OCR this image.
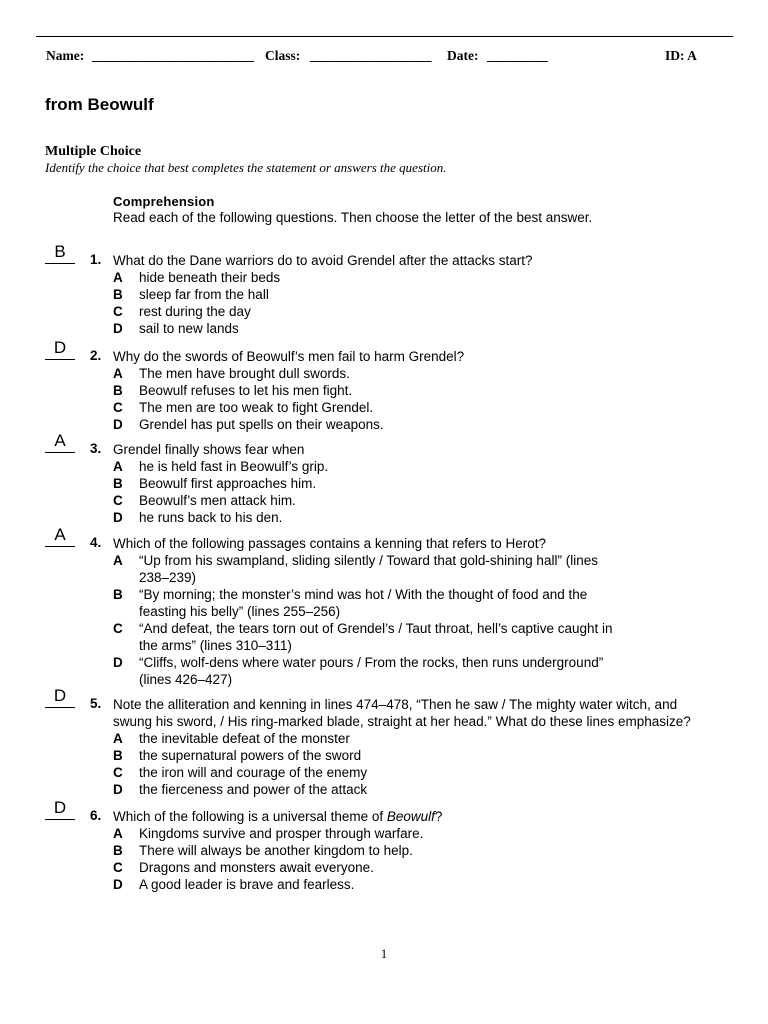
Name: ________________________ Class: __________________ Date: _________	ID: A
from Beowulf
Multiple Choice
Identify the choice that best completes the statement or answers the question.
Comprehension
Read each of the following questions. Then choose the letter of the best answer.
B	1. What do the Dane warriors do to avoid Grendel after the attacks start?
A hide beneath their beds
B sleep far from the hall
C rest during the day
D sail to new lands
D	2. Why do the swords of Beowulf’s men fail to harm Grendel?
A The men have brought dull swords.
B Beowulf refuses to let his men fight.
C The men are too weak to fight Grendel.
D Grendel has put spells on their weapons.
A	3. Grendel finally shows fear when
A he is held fast in Beowulf’s grip.
B Beowulf first approaches him.
C Beowulf’s men attack him.
D he runs back to his den.
A	4. Which of the following passages contains a kenning that refers to Herot?
A “Up from his swampland, sliding silently / Toward that gold-shining hall” (lines
238–239)
B “By morning; the monster’s mind was hot / With the thought of food and the
feasting his belly” (lines 255–256)
C “And defeat, the tears torn out of Grendel’s / Taut throat, hell’s captive caught in
the arms” (lines 310–311)
D “Cliffs, wolf-dens where water pours / From the rocks, then runs underground”
(lines 426–427)
D	5. Note the alliteration and kenning in lines 474–478, “Then he saw / The mighty water witch, and
swung his sword, / His ring-marked blade, straight at her head.” What do these lines emphasize?
A the inevitable defeat of the monster
B the supernatural powers of the sword
C the iron will and courage of the enemy
D the fierceness and power of the attack
D	6. Which of the following is a universal theme of Beowulf?
A Kingdoms survive and prosper through warfare.
B There will always be another kingdom to help.
C Dragons and monsters await everyone.
D A good leader is brave and fearless.
1
